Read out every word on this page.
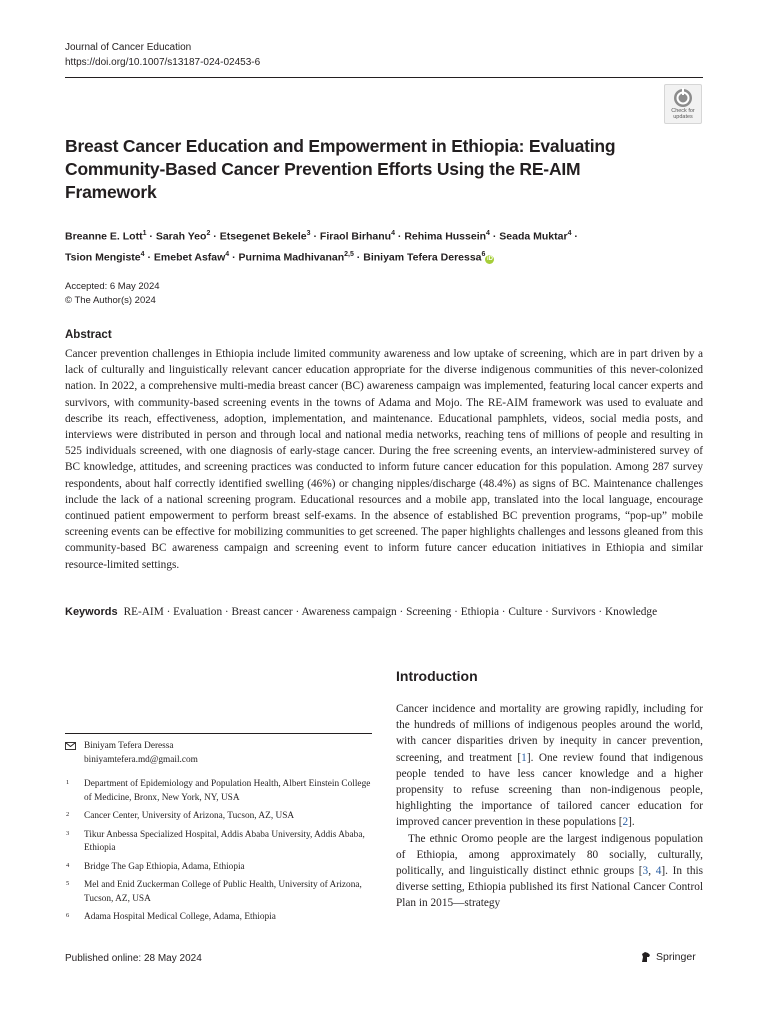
Journal of Cancer Education
https://doi.org/10.1007/s13187-024-02453-6
Check for
updates
Breast Cancer Education and Empowerment in Ethiopia: Evaluating Community-Based Cancer Prevention Efforts Using the RE-AIM Framework
Breanne E. Lott$^1$ · Sarah Yeo$^2$ · Etsegenet Bekele$^3$ · Firaol Birhanu$^4$ · Rehima Hussein$^4$ · Seada Muktar$^4$ ·
Tsion Mengiste$^4$ · Emebet Asfaw$^4$ · Purnima Madhivanan$^{2,5}$ · Biniyam Tefera Deressa$^6$iD
Accepted: 6 May 2024
© The Author(s) 2024
Abstract
Cancer prevention challenges in Ethiopia include limited community awareness and low uptake of screening, which are in part driven by a lack of culturally and linguistically relevant cancer education appropriate for the diverse indigenous communities of this never-colonized nation. In 2022, a comprehensive multi-media breast cancer (BC) awareness campaign was implemented, featuring local cancer experts and survivors, with community-based screening events in the towns of Adama and Mojo. The RE-AIM framework was used to evaluate and describe its reach, effectiveness, adoption, implementation, and maintenance. Educational pamphlets, videos, social media posts, and interviews were distributed in person and through local and national media networks, reaching tens of millions of people and resulting in 525 individuals screened, with one diagnosis of early-stage cancer. During the free screening events, an interview-administered survey of BC knowledge, attitudes, and screening practices was conducted to inform future cancer education for this population. Among 287 survey respondents, about half correctly identified swelling (46%) or changing nipples/discharge (48.4%) as signs of BC. Maintenance challenges include the lack of a national screening program. Educational resources and a mobile app, translated into the local language, encourage continued patient empowerment to perform breast self-exams. In the absence of established BC prevention programs, “pop-up” mobile screening events can be effective for mobilizing communities to get screened. The paper highlights challenges and lessons gleaned from this community-based BC awareness campaign and screening event to inform future cancer education initiatives in Ethiopia and similar resource-limited settings.
Keywords RE-AIM · Evaluation · Breast cancer · Awareness campaign · Screening · Ethiopia · Culture · Survivors · Knowledge
Introduction

Cancer incidence and mortality are growing rapidly, including for the hundreds of millions of indigenous peoples around the world, with cancer disparities driven by inequity in cancer prevention, screening, and treatment [1]. One review found that indigenous people tended to have less cancer knowledge and a higher propensity to refuse screening than non-indigenous people, highlighting the importance of tailored cancer education for improved cancer prevention in these populations [2].

The ethnic Oromo people are the largest indigenous population of Ethiopia, among approximately 80 socially, culturally, politically, and linguistically distinct ethnic groups [3, 4]. In this diverse setting, Ethiopia published its first National Cancer Control Plan in 2015—strategy

Biniyam Tefera Deressa
biniyamtefera.md@gmail.com
1 Department of Epidemiology and Population Health, Albert Einstein College of Medicine, Bronx, New York, NY, USA
2 Cancer Center, University of Arizona, Tucson, AZ, USA
3 Tikur Anbessa Specialized Hospital, Addis Ababa University, Addis Ababa, Ethiopia
4 Bridge The Gap Ethiopia, Adama, Ethiopia
5 Mel and Enid Zuckerman College of Public Health, University of Arizona, Tucson, AZ, USA
6 Adama Hospital Medical College, Adama, Ethiopia
Published online: 28 May 2024	Springer
